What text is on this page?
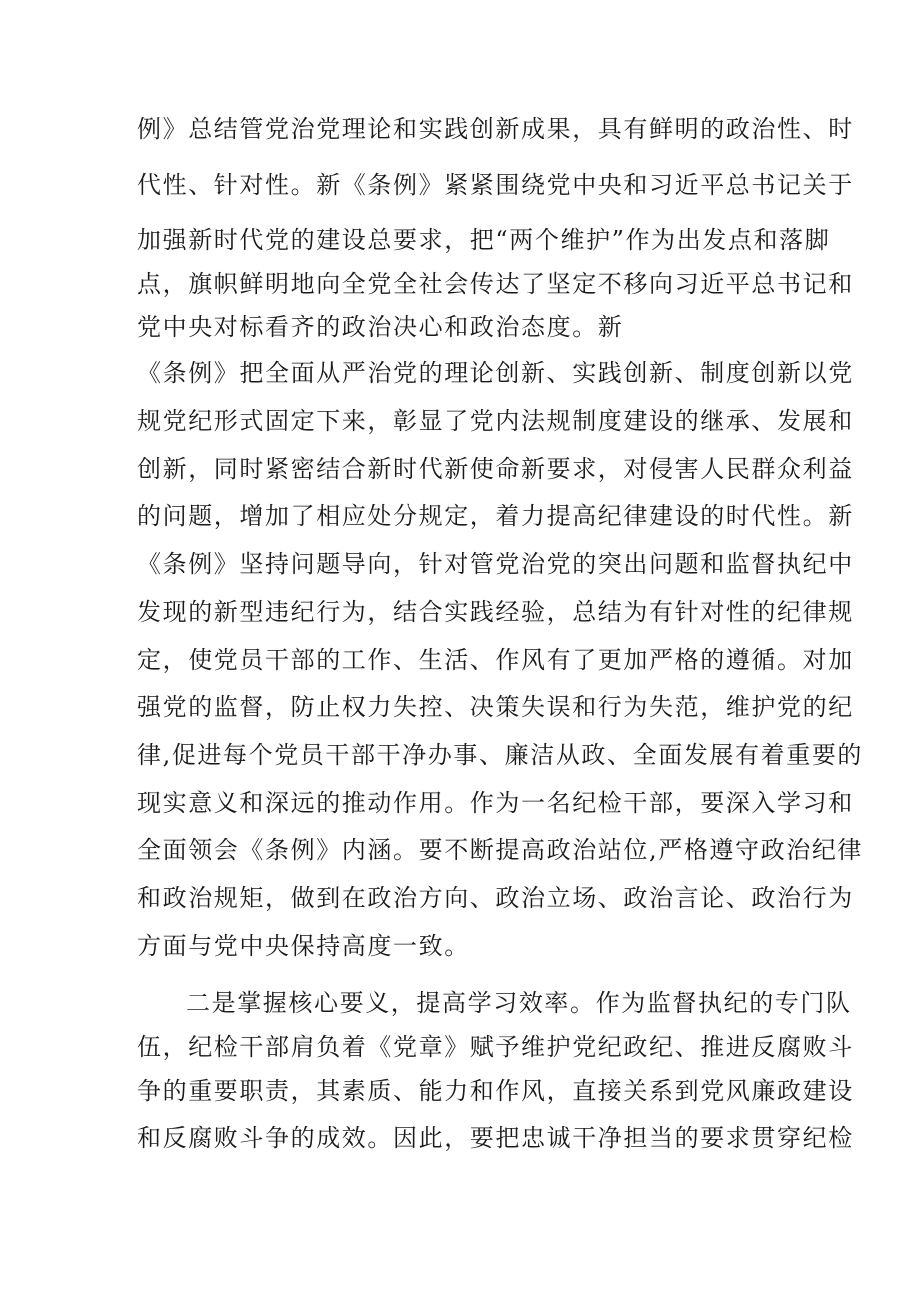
例》总结管党治党理论和实践创新成果，具有鲜明的政治性、时
代性、针对性。新《条例》紧紧围绕党中央和习近平总书记关于
加强新时代党的建设总要求，把“两个维护”作为出发点和落脚
点，旗帜鲜明地向全党全社会传达了坚定不移向习近平总书记和
党中央对标看齐的政治决心和政治态度。新
《条例》把全面从严治党的理论创新、实践创新、制度创新以党
规党纪形式固定下来，彰显了党内法规制度建设的继承、发展和
创新，同时紧密结合新时代新使命新要求，对侵害人民群众利益
的问题，增加了相应处分规定，着力提高纪律建设的时代性。新
《条例》坚持问题导向，针对管党治党的突出问题和监督执纪中
发现的新型违纪行为，结合实践经验，总结为有针对性的纪律规
定，使党员干部的工作、生活、作风有了更加严格的遵循。对加
强党的监督，防止权力失控、决策失误和行为失范，维护党的纪
律,促进每个党员干部干净办事、廉洁从政、全面发展有着重要的
现实意义和深远的推动作用。作为一名纪检干部，要深入学习和
全面领会《条例》内涵。要不断提高政治站位,严格遵守政治纪律
和政治规矩，做到在政治方向、政治立场、政治言论、政治行为
方面与党中央保持高度一致。
二是掌握核心要义，提高学习效率。作为监督执纪的专门队
伍，纪检干部肩负着《党章》赋予维护党纪政纪、推进反腐败斗
争的重要职责，其素质、能力和作风，直接关系到党风廉政建设
和反腐败斗争的成效。因此，要把忠诚干净担当的要求贯穿纪检
